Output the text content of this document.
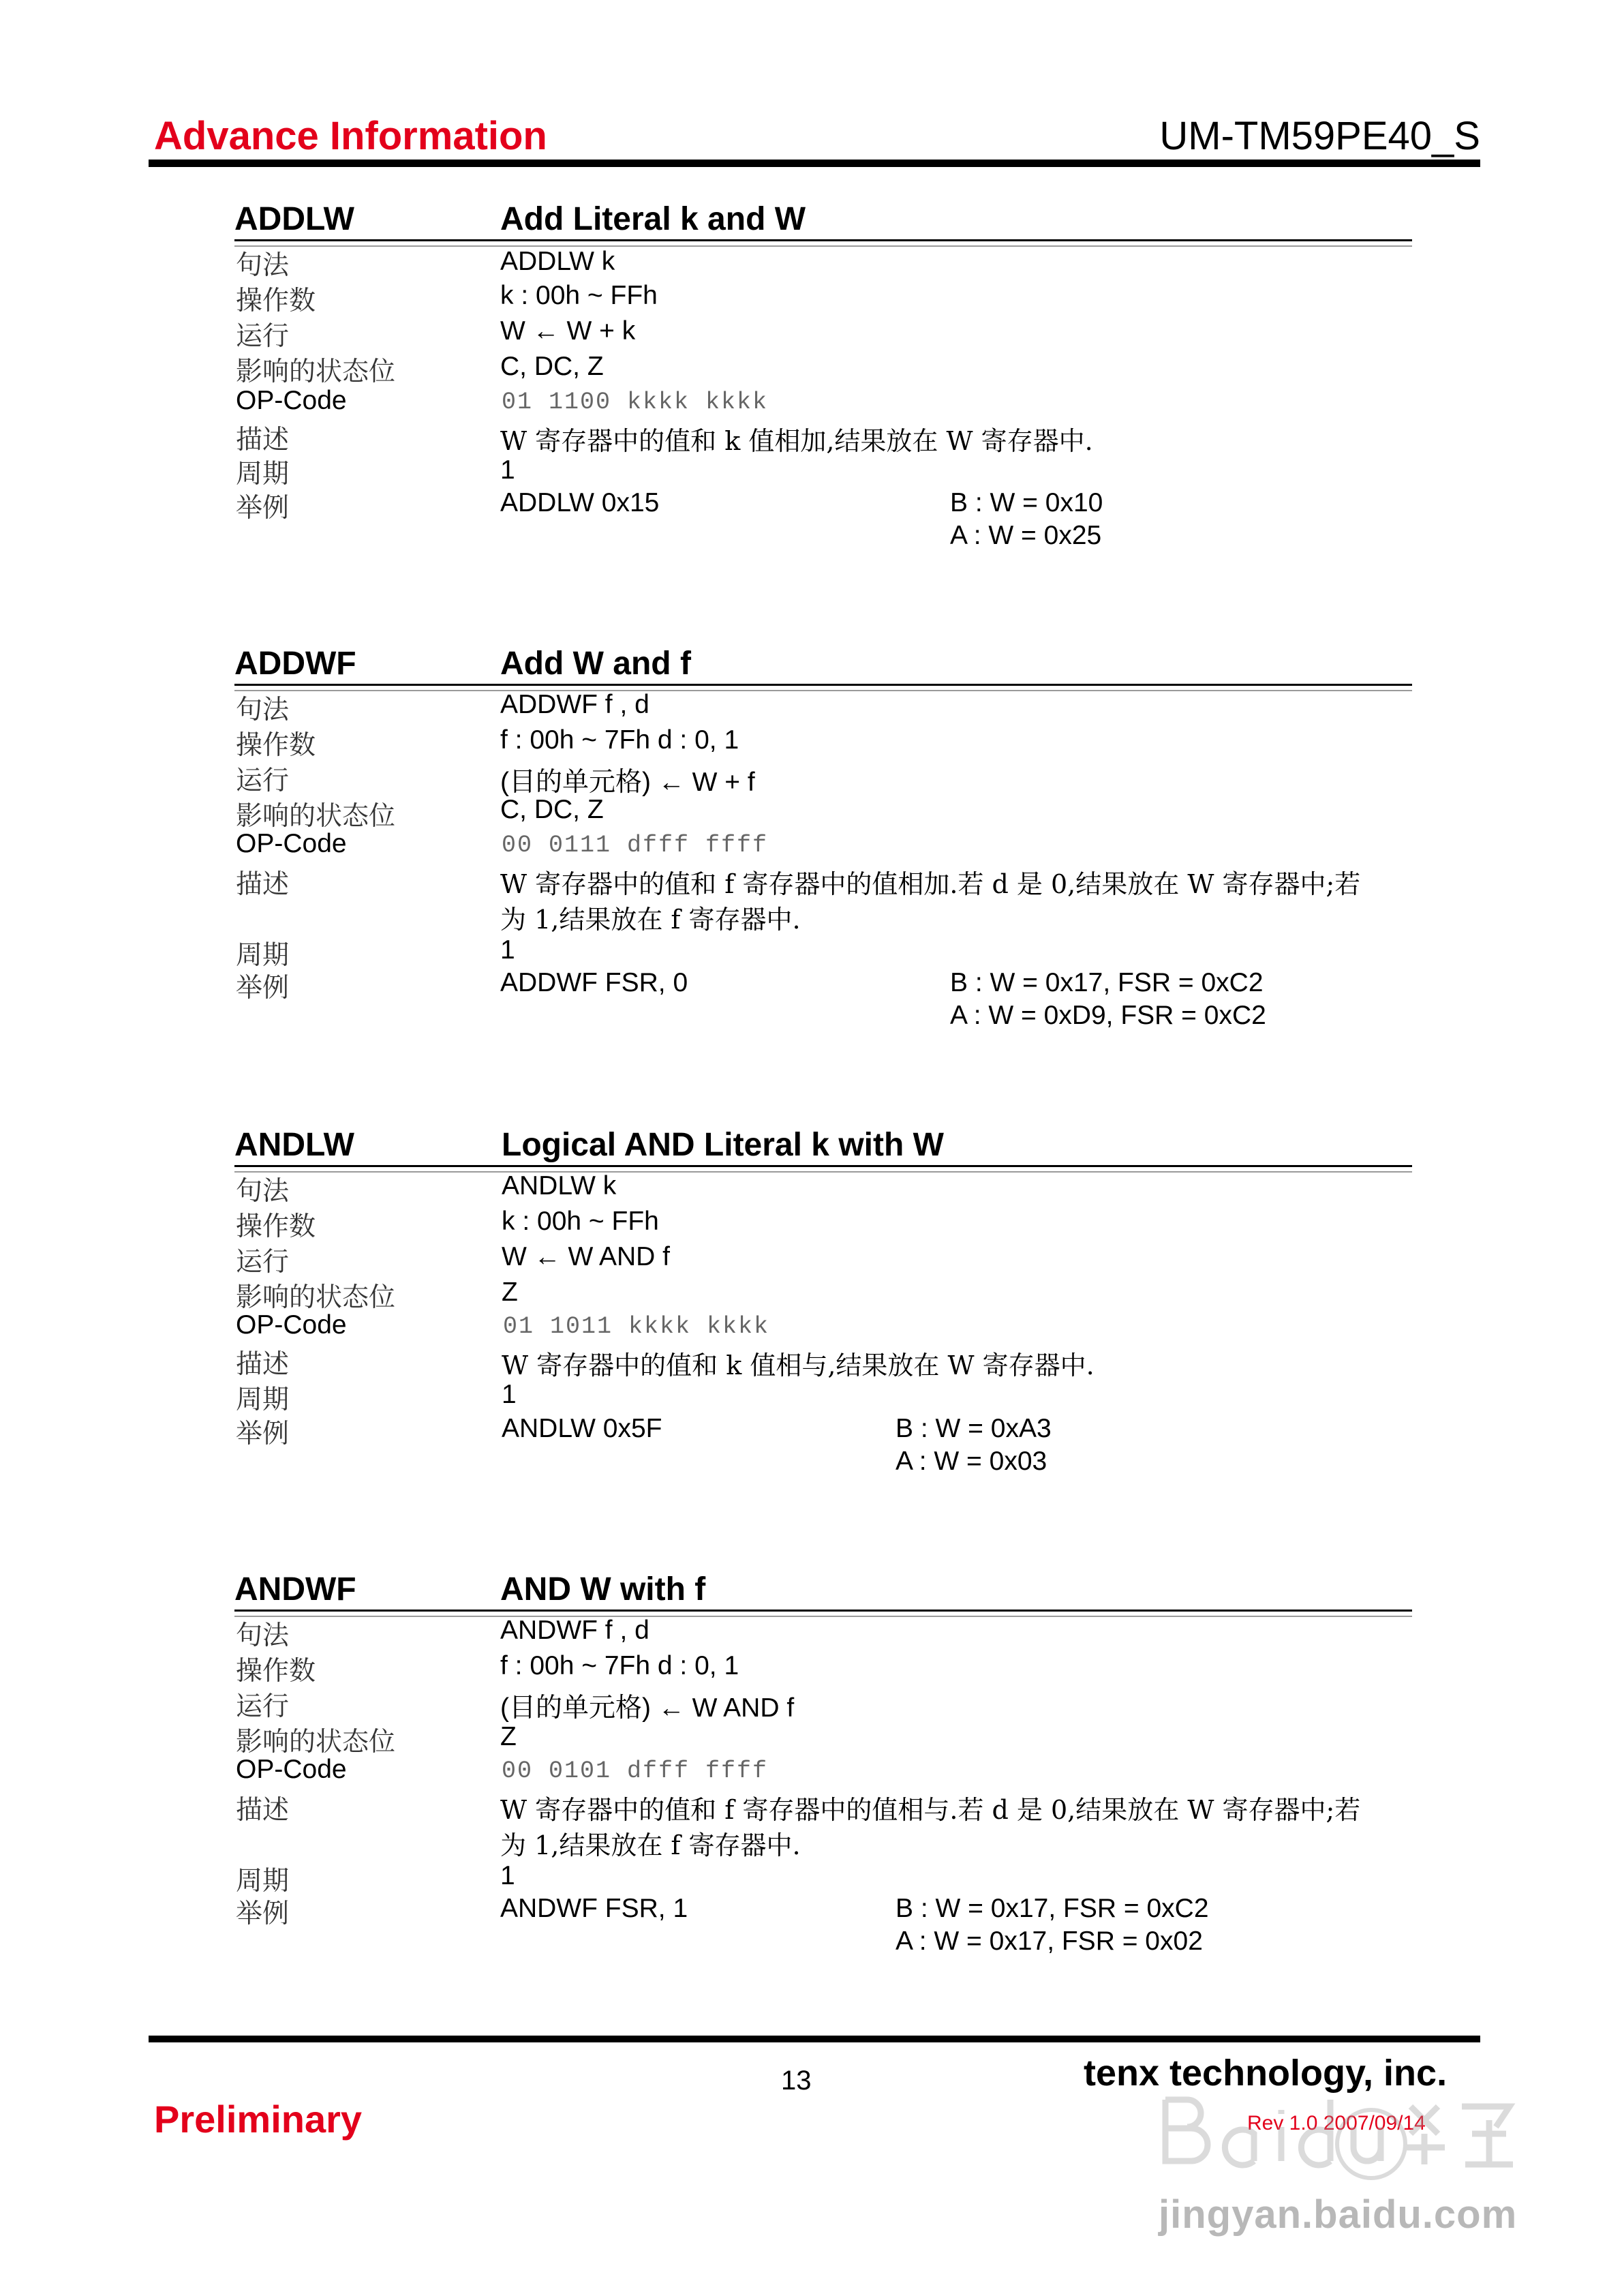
Advance Information	UM-TM59PE40_S
ADDLW	Add Literal k and W
句法	ADDLW k
操作数	k : 00h ~ FFh
运行	W ← W + k
影响的状态位	C, DC, Z
OP-Code	01 1100 kkkk kkkk
描述	W 寄存器中的值和 k 值相加,结果放在 W 寄存器中.
周期	1
举例	ADDLW 0x15	B : W = 0x10
A : W = 0x25
ADDWF	Add W and f
句法	ADDWF f , d
操作数	f : 00h ~ 7Fh d : 0, 1
运行	(目的单元格) ← W + f
影响的状态位	C, DC, Z
OP-Code	00 0111 dfff ffff
描述	W 寄存器中的值和 f 寄存器中的值相加.若 d 是 0,结果放在 W 寄存器中;若
为 1,结果放在 f 寄存器中.
周期	1
举例	ADDWF FSR, 0	B : W = 0x17, FSR = 0xC2
A : W = 0xD9, FSR = 0xC2
ANDLW	Logical AND Literal k with W
句法	ANDLW k
操作数	k : 00h ~ FFh
运行	W ← W AND f
影响的状态位	Z
OP-Code	01 1011 kkkk kkkk
描述	W 寄存器中的值和 k 值相与,结果放在 W 寄存器中.
周期	1
举例	ANDLW 0x5F	B : W = 0xA3
A : W = 0x03
ANDWF	AND W with f
句法	ANDWF f , d
操作数	f : 00h ~ 7Fh d : 0, 1
运行	(目的单元格) ← W AND f
影响的状态位	Z
OP-Code	00 0101 dfff ffff
描述	W 寄存器中的值和 f 寄存器中的值相与.若 d 是 0,结果放在 W 寄存器中;若
为 1,结果放在 f 寄存器中.
周期	1
举例	ANDWF FSR, 1	B : W = 0x17, FSR = 0xC2
A : W = 0x17, FSR = 0x02
13	tenx technology, inc.
Preliminary	Rev 1.0 2007/09/14
jingyan.baidu.com
